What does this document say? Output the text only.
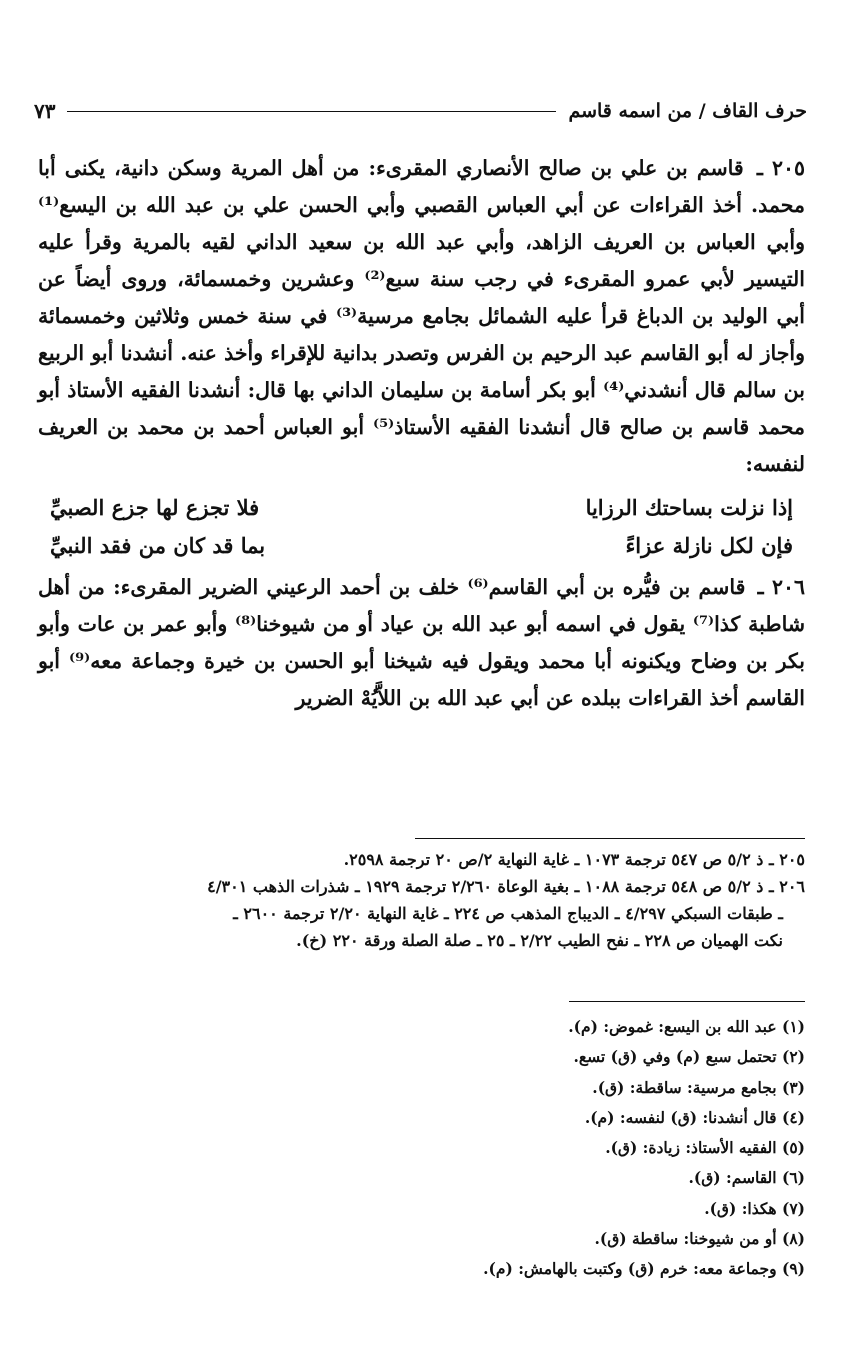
حرف القاف / من اسمه قاسم
٧٣

٢٠٥ ـ قاسم بن علي بن صالح الأنصاري المقرىء: من أهل المرية وسكن دانية، يكنى أبا محمد. أخذ القراءات عن أبي العباس القصبي وأبي الحسن علي بن عبد الله بن اليسع⁽¹⁾ وأبي العباس بن العريف الزاهد، وأبي عبد الله بن سعيد الداني لقيه بالمرية وقرأ عليه التيسير لأبي عمرو المقرىء في رجب سنة سبع⁽²⁾ وعشرين وخمسمائة، وروى أيضاً عن أبي الوليد بن الدباغ قرأ عليه الشمائل بجامع مرسية⁽³⁾ في سنة خمس وثلاثين وخمسمائة وأجاز له أبو القاسم عبد الرحيم بن الفرس وتصدر بدانية للإقراء وأخذ عنه. أنشدنا أبو الربيع بن سالم قال أنشدني⁽⁴⁾ أبو بكر أسامة بن سليمان الداني بها قال: أنشدنا الفقيه الأستاذ أبو محمد قاسم بن صالح قال أنشدنا الفقيه الأستاذ⁽⁵⁾ أبو العباس أحمد بن محمد بن العريف لنفسه:

إذا نزلت بساحتك الرزايا
فلا تجزع لها جزع الصبيِّ
فإن لكل نازلة عزاءً
بما قد كان من فقد النبيِّ

٢٠٦ ـ قاسم بن فيُّره بن أبي القاسم⁽⁶⁾ خلف بن أحمد الرعيني الضرير المقرىء: من أهل شاطبة كذا⁽⁷⁾ يقول في اسمه أبو عبد الله بن عياد أو من شيوخنا⁽⁸⁾ وأبو عمر بن عات وأبو بكر بن وضاح ويكنونه أبا محمد ويقول فيه شيخنا أبو الحسن بن خيرة وجماعة معه⁽⁹⁾ أبو القاسم أخذ القراءات ببلده عن أبي عبد الله بن اللاَّيُهْ الضرير

٢٠٥ ـ ذ ٥/٢ ص ٥٤٧ ترجمة ١٠٧٣ ـ غاية النهاية ٢/ص ٢٠ ترجمة ٢٥٩٨.

٢٠٦ ـ ذ ٥/٢ ص ٥٤٨ ترجمة ١٠٨٨ ـ بغية الوعاة ٢/٢٦٠ ترجمة ١٩٢٩ ـ شذرات الذهب ٤/٣٠١

ـ طبقات السبكي ٤/٢٩٧ ـ الديباج المذهب ص ٢٢٤ ـ غاية النهاية ٢/٢٠ ترجمة ٢٦٠٠ ـ

نكت الهميان ص ٢٢٨ ـ نفح الطيب ٢/٢٢ ـ ٢٥ ـ صلة الصلة ورقة ٢٢٠ (خ).

(١) عبد الله بن اليسع: غموض: (م).
(٢) تحتمل سبع (م) وفي (ق) تسع.
(٣) بجامع مرسية: ساقطة: (ق).
(٤) قال أنشدنا: (ق) لنفسه: (م).
(٥) الفقيه الأستاذ: زيادة: (ق).
(٦) القاسم: (ق).
(٧) هكذا: (ق).
(٨) أو من شيوخنا: ساقطة (ق).
(٩) وجماعة معه: خرم (ق) وكتبت بالهامش: (م).
